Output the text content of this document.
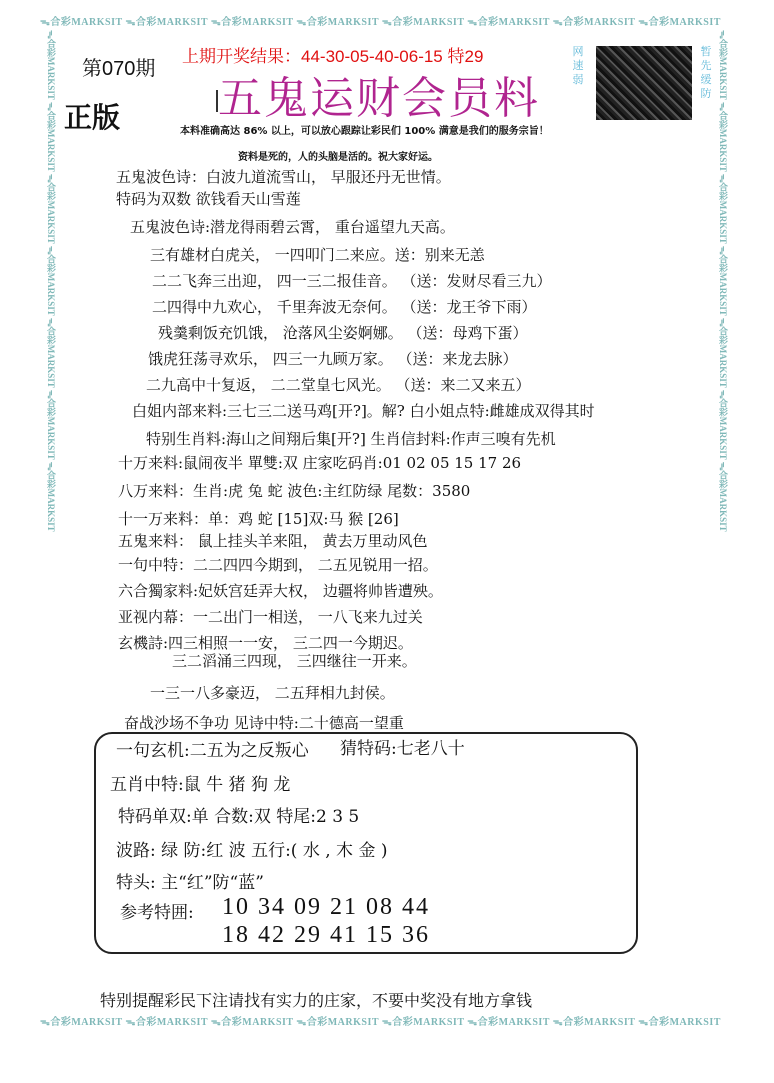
ᯓ合彩MARKSIT ᯓ合彩MARKSIT ᯓ合彩MARKSIT ᯓ合彩MARKSIT ᯓ合彩MARKSIT ᯓ合彩MARKSIT ᯓ合彩MARKSIT ᯓ合彩MARKSIT
ᯓ合彩MARKSIT ᯓ合彩MARKSIT ᯓ合彩MARKSIT ᯓ合彩MARKSIT ᯓ合彩MARKSIT ᯓ合彩MARKSIT ᯓ合彩MARKSIT ᯓ合彩MARKSIT
ᯓ合彩MARKSIT ᯓ合彩MARKSIT ᯓ合彩MARKSIT ᯓ合彩MARKSIT ᯓ合彩MARKSIT ᯓ合彩MARKSIT ᯓ合彩MARKSIT	ᯓ合彩MARKSIT ᯓ合彩MARKSIT ᯓ合彩MARKSIT ᯓ合彩MARKSIT ᯓ合彩MARKSIT ᯓ合彩MARKSIT ᯓ合彩MARKSIT
第070期
上期开奖结果：44-30-05-40-06-15 特29
正版 五鬼运财会员料
网速弱
暂先缓防
本料准确高达 86% 以上，可以放心跟踪让彩民们 100% 满意是我们的服务宗旨！
资料是死的，人的头脑是活的。祝大家好运。
五鬼波色诗：白波九道流雪山， 早服还丹无世情。
特码为双数 欲钱看天山雪莲
五鬼波色诗:潜龙得雨碧云霄， 重台遥望九天高。
三有雄材白虎关， 一四叩门二来应。送：别来无恙
二二飞奔三出迎， 四一三二报佳音。 （送：发财尽看三九）
二四得中九欢心， 千里奔波无奈何。 （送：龙王爷下雨）
残羹剩饭充饥饿， 沧落风尘姿婀娜。 （送：母鸡下蛋）
饿虎狂荡寻欢乐， 四三一九顾万家。 （送：来龙去脉）
二九高中十复返， 二二堂皇七风光。 （送：来二又来五）
白姐内部来料:三七三二送马鸡[开?]。解? 白小姐点特:雌雄成双得其时
特别生肖料:海山之间翔后集[开?] 生肖信封料:作声三嗅有先机
十万来料:鼠闹夜半 單雙:双 庄家吃码肖:01 02 05 15 17 26
八万来料：生肖:虎 兔 蛇 波色:主红防绿 尾数：3580
十一万来料：单：鸡 蛇 [15]双:马 猴 [26]
五鬼来料： 鼠上挂头羊来阻， 黄去万里动风色
一句中特：二二四四今期到， 二五见锐用一招。
六合獨家料:妃妖宫廷弄大权， 边疆将帅皆遭殃。
亚视内幕：一二出门一相送， 一八飞来九过关
玄機詩:四三相照一一安， 三二四一今期迟。
三二滔涌三四现， 三四继往一开来。
一三一八多豪迈， 二五拜相九封侯。
奋战沙场不争功 见诗中特:二十德高一望重
一句玄机:二五为之反叛心 猜特码:七老八十
五肖中特:鼠 牛 猪 狗 龙
特码单双:单 合数:双 特尾:2 3 5
波路: 绿 防:红 波 五行:( 水 , 木 金 )
特头: 主“红”防“蓝”
参考特囲: 10 34 09 21 08 44
18 42 29 41 15 36
特别提醒彩民下注请找有实力的庄家，不要中奖没有地方拿钱
